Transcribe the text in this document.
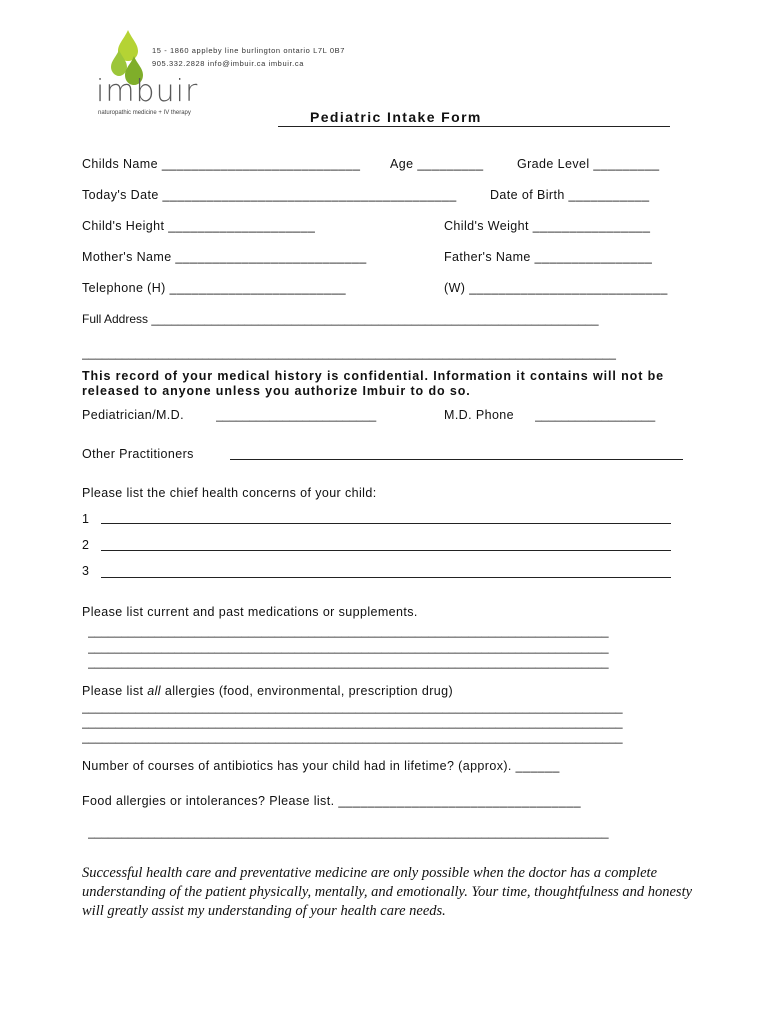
15 - 1860 appleby line burlington ontario L7L 0B7
905.332.2828 info@imbuir.ca imbuir.ca
imbuir
naturopathic medicine + IV therapy	Pediatric Intake Form
Childs Name ___________________________ Age _________	Grade Level _________
Today's Date ________________________________________	Date of Birth ___________
Child's Height ____________________	Child's Weight ________________
Mother's Name __________________________	Father's Name ________________
Telephone (H) ________________________	(W) ___________________________
Full Address ___________________________________________________________________
________________________________________________________________________________
This record of your medical history is confidential. Information it contains will not be
released to anyone unless you authorize Imbuir to do so.
Pediatrician/M.D.	________________________	M.D. Phone __________________
Other Practitioners
Please list the chief health concerns of your child:
1
2
3
Please list current and past medications or supplements.
______________________________________________________________________________
______________________________________________________________________________
______________________________________________________________________________
Please list all allergies (food, environmental, prescription drug)
_________________________________________________________________________________
_________________________________________________________________________________
_________________________________________________________________________________
Number of courses of antibiotics has your child had in lifetime? (approx). ______
Food allergies or intolerances? Please list. _________________________________
______________________________________________________________________________
Successful health care and preventative medicine are only possible when the doctor has a complete understanding of the patient physically, mentally, and emotionally. Your time, thoughtfulness and honesty will greatly assist my understanding of your health care needs.
